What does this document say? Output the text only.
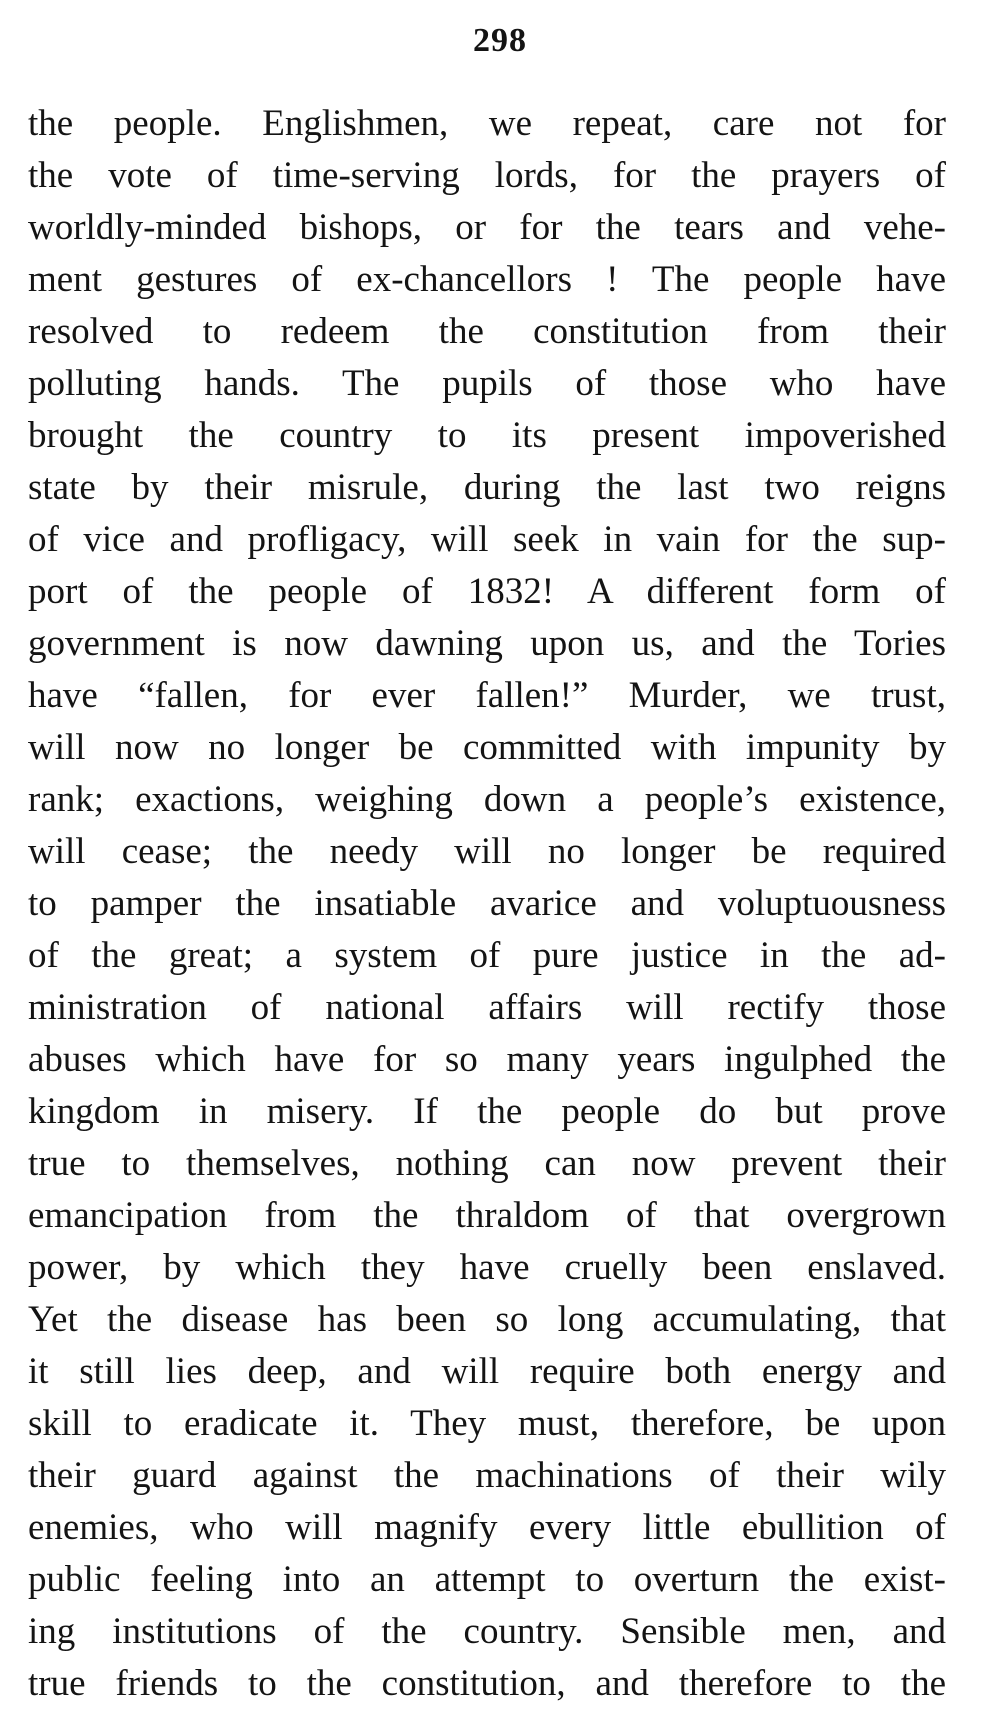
298
the people. Englishmen, we repeat, care not for
the vote of time-serving lords, for the prayers of
worldly-minded bishops, or for the tears and vehe-
ment gestures of ex-chancellors ! The people have
resolved to redeem the constitution from their
polluting hands. The pupils of those who have
brought the country to its present impoverished
state by their misrule, during the last two reigns
of vice and profligacy, will seek in vain for the sup-
port of the people of 1832! A different form of
government is now dawning upon us, and the Tories
have “fallen, for ever fallen!” Murder, we trust,
will now no longer be committed with impunity by
rank; exactions, weighing down a people’s existence,
will cease; the needy will no longer be required
to pamper the insatiable avarice and voluptuousness
of the great; a system of pure justice in the ad-
ministration of national affairs will rectify those
abuses which have for so many years ingulphed the
kingdom in misery. If the people do but prove
true to themselves, nothing can now prevent their
emancipation from the thraldom of that overgrown
power, by which they have cruelly been enslaved.
Yet the disease has been so long accumulating, that
it still lies deep, and will require both energy and
skill to eradicate it. They must, therefore, be upon
their guard against the machinations of their wily
enemies, who will magnify every little ebullition of
public feeling into an attempt to overturn the exist-
ing institutions of the country. Sensible men, and
true friends to the constitution, and therefore to the
